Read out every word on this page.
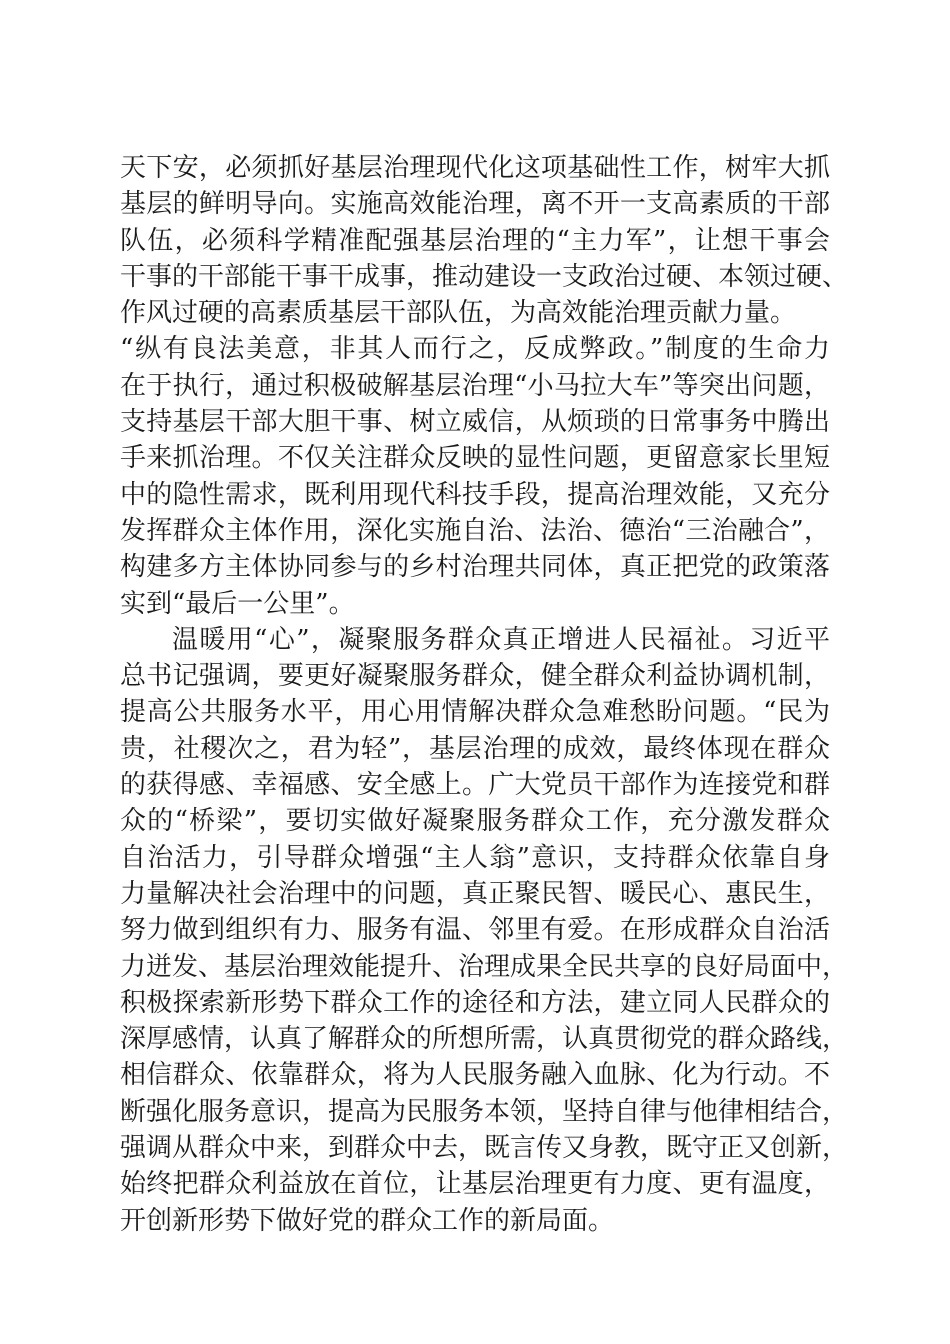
天下安，必须抓好基层治理现代化这项基础性工作，树牢大抓
基层的鲜明导向。实施高效能治理，离不开一支高素质的干部
队伍，必须科学精准配强基层治理的“主力军”，让想干事会
干事的干部能干事干成事，推动建设一支政治过硬、本领过硬、
作风过硬的高素质基层干部队伍，为高效能治理贡献力量。
“纵有良法美意，非其人而行之，反成弊政。”制度的生命力
在于执行，通过积极破解基层治理“小马拉大车”等突出问题，
支持基层干部大胆干事、树立威信，从烦琐的日常事务中腾出
手来抓治理。不仅关注群众反映的显性问题，更留意家长里短
中的隐性需求，既利用现代科技手段，提高治理效能，又充分
发挥群众主体作用，深化实施自治、法治、德治“三治融合”，
构建多方主体协同参与的乡村治理共同体，真正把党的政策落
实到“最后一公里”。
温暖用“心”，凝聚服务群众真正增进人民福祉。习近平
总书记强调，要更好凝聚服务群众，健全群众利益协调机制，
提高公共服务水平，用心用情解决群众急难愁盼问题。“民为
贵，社稷次之，君为轻”，基层治理的成效，最终体现在群众
的获得感、幸福感、安全感上。广大党员干部作为连接党和群
众的“桥梁”，要切实做好凝聚服务群众工作，充分激发群众
自治活力，引导群众增强“主人翁”意识，支持群众依靠自身
力量解决社会治理中的问题，真正聚民智、暖民心、惠民生，
努力做到组织有力、服务有温、邻里有爱。在形成群众自治活
力迸发、基层治理效能提升、治理成果全民共享的良好局面中，
积极探索新形势下群众工作的途径和方法，建立同人民群众的
深厚感情，认真了解群众的所想所需，认真贯彻党的群众路线，
相信群众、依靠群众，将为人民服务融入血脉、化为行动。不
断强化服务意识，提高为民服务本领，坚持自律与他律相结合，
强调从群众中来，到群众中去，既言传又身教，既守正又创新，
始终把群众利益放在首位，让基层治理更有力度、更有温度，
开创新形势下做好党的群众工作的新局面。
